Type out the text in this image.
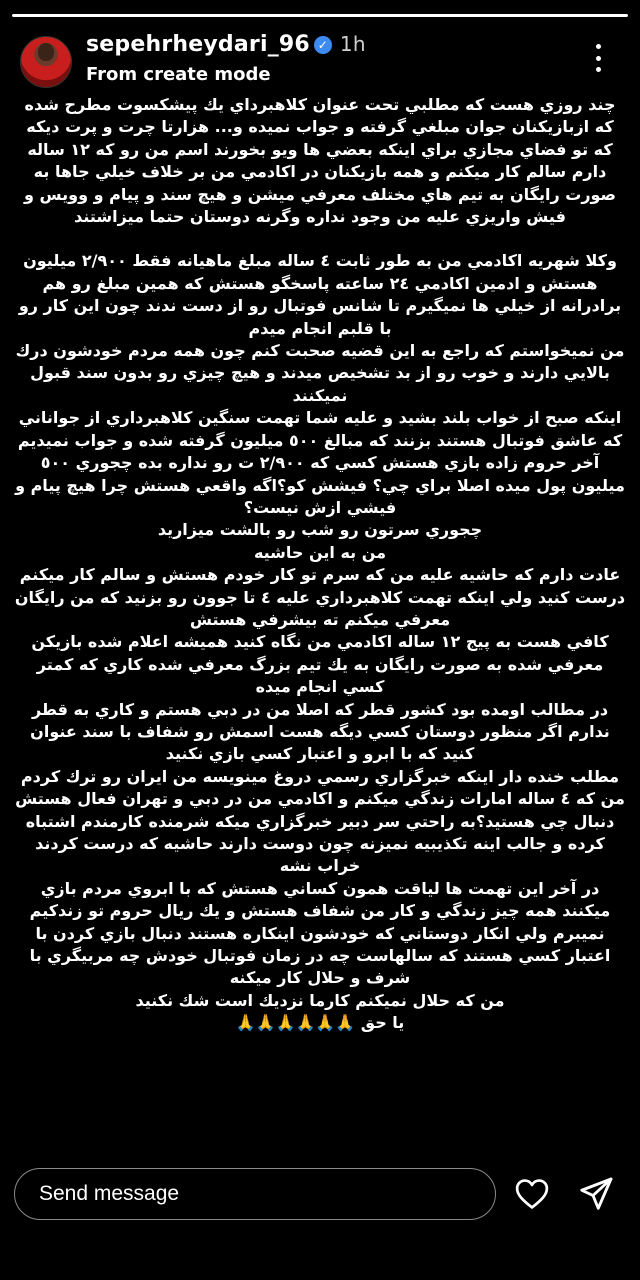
sepehrheydari_96 ✓ 1h
From create mode

چند روزي هست كه مطلبي تحت عنوان كلاهبرداي يك پيشكسوت مطرح شده كه ازبازيكنان جوان مبلغي گرفته و جواب نميده و... هزارتا چرت و پرت ديكه كه تو فضاي مجازي براي اينكه بعضي ها ويو بخورند اسم من رو كه ١٢ ساله دارم سالم كار ميكنم و همه بازيكنان در اكادمي من بر خلاف خيلي جاها به صورت رايگان به تيم هاي مختلف معرفي ميشن و هيچ سند و پيام و وويس و فيش واريزي عليه من وجود نداره وگرنه دوستان حتما ميزاشتند

وكلا شهريه اكادمي من به طور ثابت ٤ ساله مبلغ ماهيانه فقط ٢/٩٠٠ ميليون هستش و ادمين اكادمي ٢٤ ساعته پاسخگو هستش كه همين مبلغ رو هم برادرانه از خيلي ها نميگيرم تا شانس فوتبال رو از دست ندند چون اين كار رو با قلبم انجام ميدم

من نميخواستم كه راجع به اين قضيه صحبت كنم چون همه مردم خودشون درك بالايي دارند و خوب رو از بد تشخيص ميدند و هيچ چيزي رو بدون سند قبول نميكنند

اينكه صبح از خواب بلند بشيد و عليه شما تهمت سنگين كلاهبرداري از جواناني كه عاشق فوتبال هستند بزنند كه مبالغ ٥٠٠ ميليون گرفته شده و جواب نميديم آخر حروم زاده بازي هستش كسي كه ٢/٩٠٠ ت رو نداره بده چجوري ٥٠٠ ميليون پول ميده اصلا براي چي؟ فيشش كو؟اگه واقعي هستش چرا هيچ پيام و فيشي ازش نيست؟

چجوري سرتون رو شب رو بالشت ميزاريد

من به اين حاشيه

عادت دارم كه حاشيه عليه من كه سرم تو كار خودم هستش و سالم كار ميكنم درست كنيد ولي اينكه تهمت كلاهبرداري عليه ٤ تا جوون رو بزنيد كه من رايگان معرفي ميكنم ته بيشرفي هستش

كافي هست به پيج ١٢ ساله اكادمي من نگاه كنيد هميشه اعلام شده بازيكن معرفي شده به صورت رايگان به يك تيم بزرگ معرفي شده كاري كه كمتر كسي انجام ميده

در مطالب اومده بود كشور قطر كه اصلا من در دبي هستم و كاري به قطر ندارم اگر منظور دوستان كسي ديگه هست اسمش رو شفاف با سند عنوان كنيد كه با ابرو و اعتبار كسي بازي نكنيد

مطلب خنده دار اينكه خبرگزاري رسمي دروغ مينويسه من ايران رو ترك كردم من كه ٤ ساله امارات زندگي ميكنم و اكادمي من در دبي و تهران فعال هستش دنبال چي هستيد؟به راحتي سر دبير خبرگزاري ميكه شرمنده كارمندم اشتباه كرده و جالب اينه تكذيبيه نميزنه چون دوست دارند حاشيه كه درست كردند خراب نشه

در آخر اين تهمت ها لياقت همون كساني هستش كه با ابروي مردم بازي ميكنند همه چيز زندگي و كار من شفاف هستش و يك ريال حروم تو زندكيم نميبرم ولي انكار دوستاني كه خودشون اينكاره هستند دنبال بازي كردن با اعتبار كسي هستند كه سالهاست چه در زمان فوتبال خودش چه مربيگري با شرف و حلال كار ميكنه

من كه حلال نميكنم كارما نزديك است شك نكنيد

يا حق 🙏🙏🙏🙏🙏🙏

Send message
